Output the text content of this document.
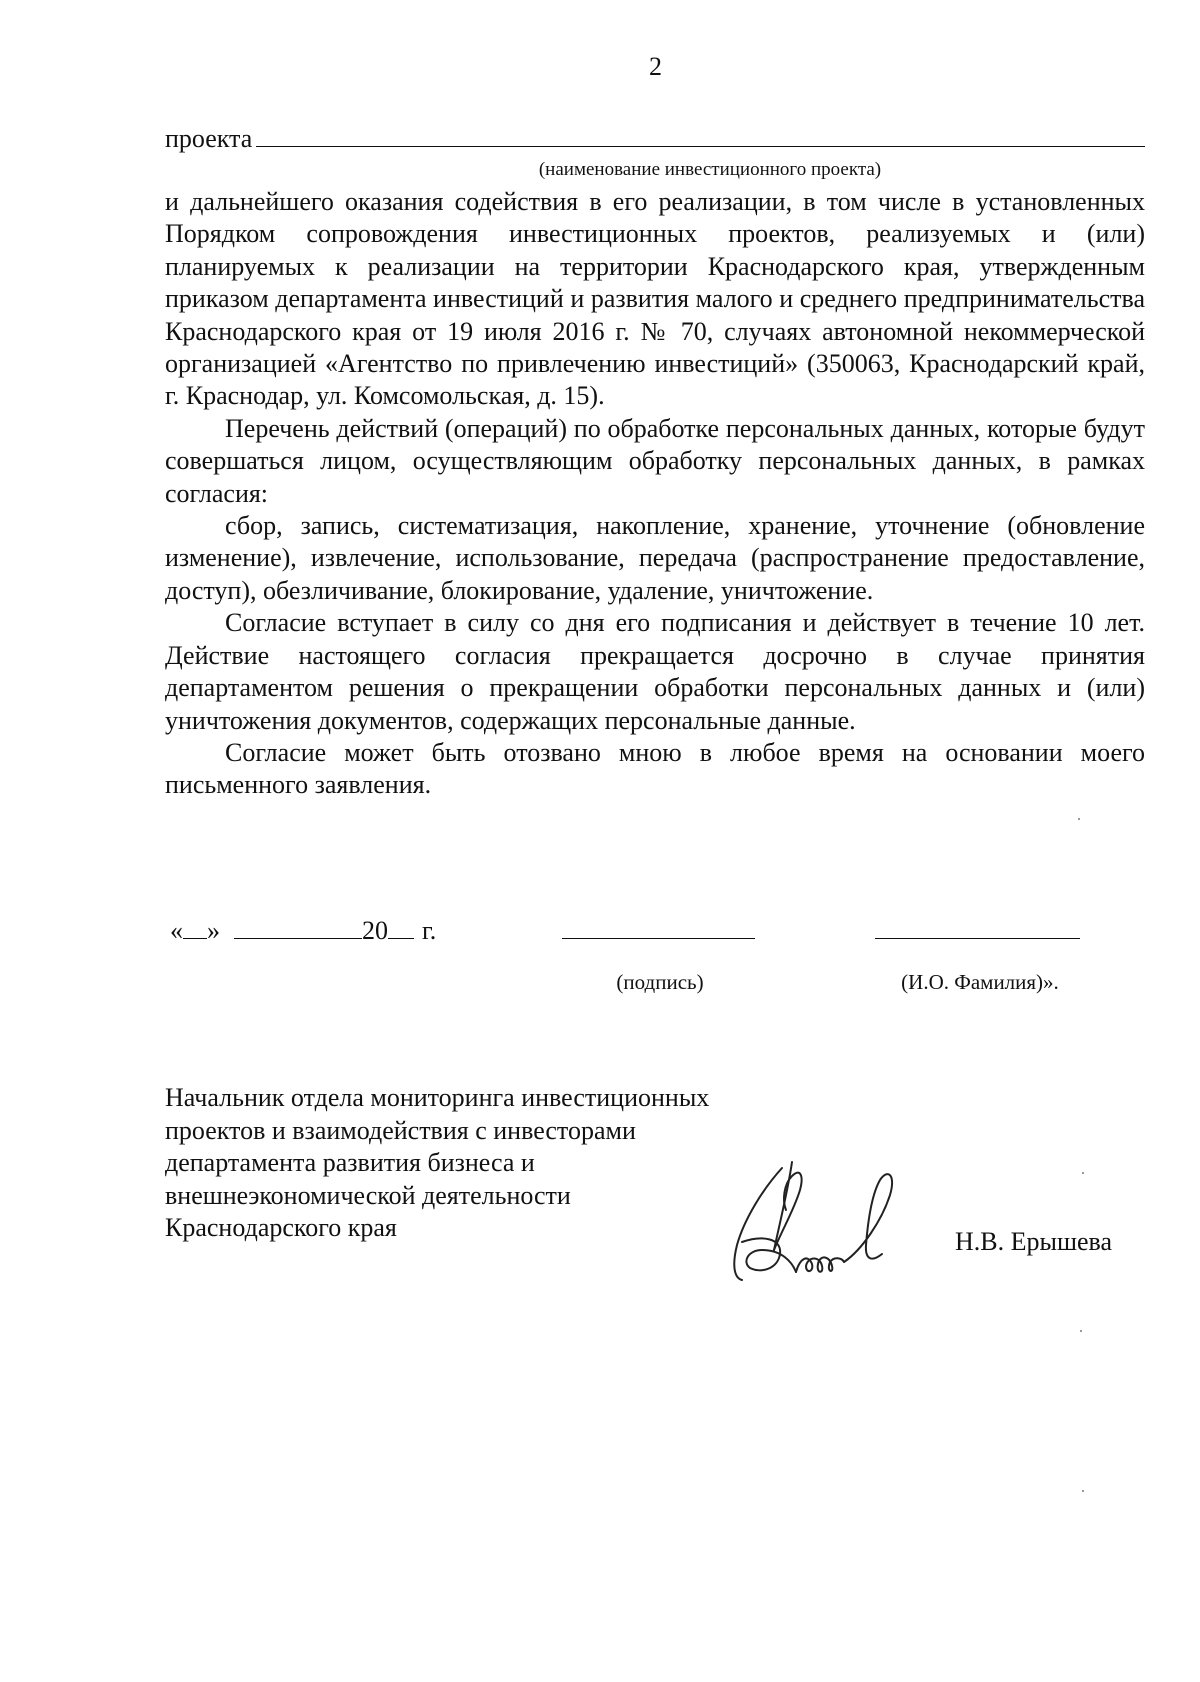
2
проекта
(наименование инвестиционного проекта)

и дальнейшего оказания содействия в его реализации, в том числе в установленных Порядком сопровождения инвестиционных проектов, реализуемых и (или) планируемых к реализации на территории Краснодарского края, утвержденным приказом департамента инвестиций и развития малого и среднего предпринимательства Краснодарского края от 19 июля 2016 г. № 70, случаях автономной некоммерческой организацией «Агентство по привлечению инвестиций» (350063, Краснодарский край, г. Краснодар, ул. Комсомольская, д. 15).

Перечень действий (операций) по обработке персональных данных, которые будут совершаться лицом, осуществляющим обработку персональных данных, в рамках согласия:

сбор, запись, систематизация, накопление, хранение, уточнение (обновление изменение), извлечение, использование, передача (распространение предоставление, доступ), обезличивание, блокирование, удаление, уничтожение.

Согласие вступает в силу со дня его подписания и действует в течение 10 лет. Действие настоящего согласия прекращается досрочно в случае принятия департаментом решения о прекращении обработки персональных данных и (или) уничтожения документов, содержащих персональные данные.

Согласие может быть отозвано мною в любое время на основании моего письменного заявления.

« »	20 г.
(подпись)	(И.О. Фамилия)».
Начальник отдела мониторинга инвестиционных
проектов и взаимодействия с инвесторами
департамента развития бизнеса и
внешнеэкономической деятельности
Краснодарского края	Н.В. Ерышева
